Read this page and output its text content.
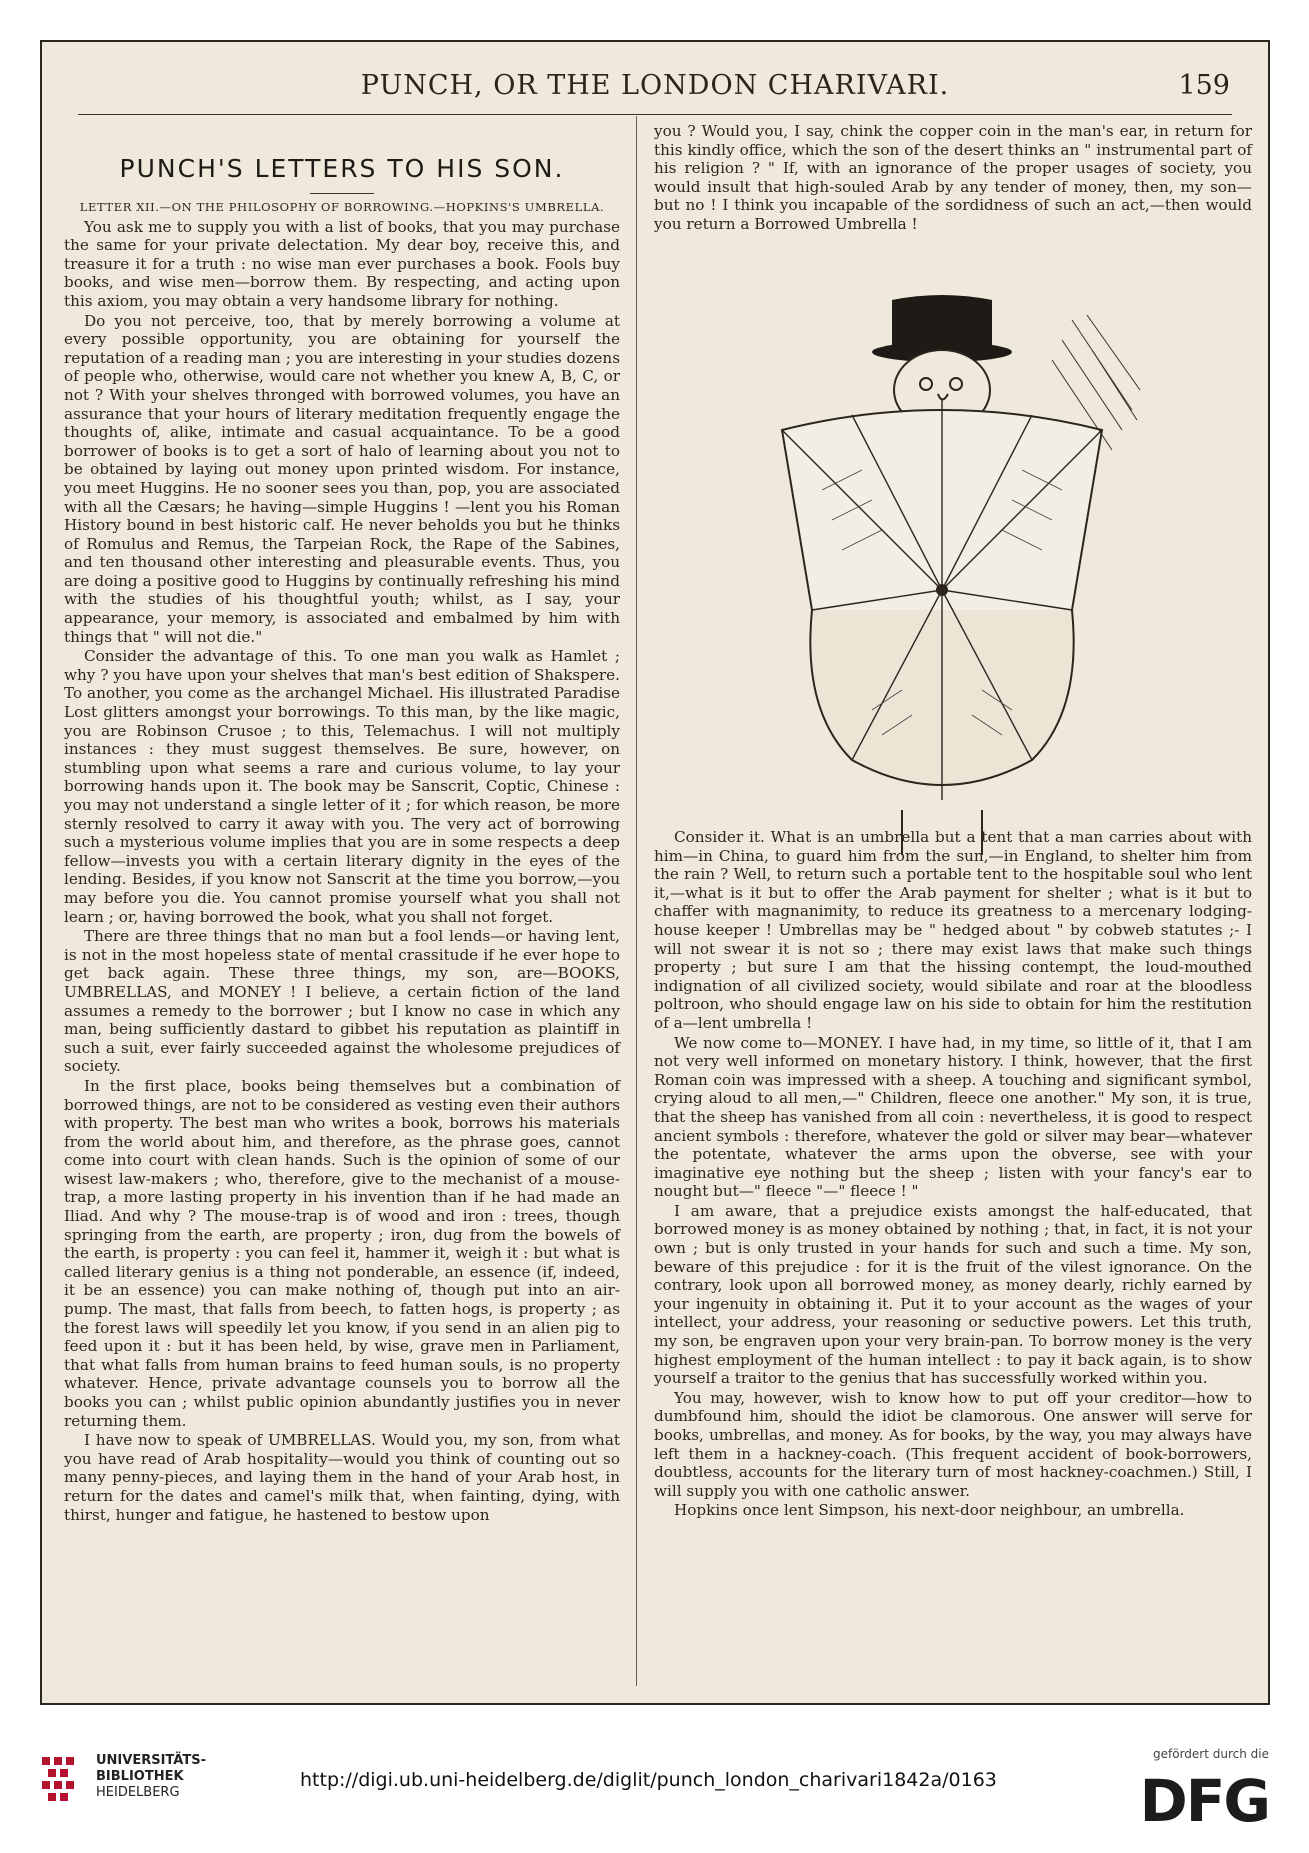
PUNCH, OR THE LONDON CHARIVARI.	159
PUNCH'S LETTERS TO HIS SON.
LETTER XII.—ON THE PHILOSOPHY OF BORROWING.—HOPKINS'S UMBRELLA.

You ask me to supply you with a list of books, that you may purchase the same for your private delectation. My dear boy, receive this, and treasure it for a truth : no wise man ever purchases a book. Fools buy books, and wise men—borrow them. By respecting, and acting upon this axiom, you may obtain a very handsome library for nothing.

Do you not perceive, too, that by merely borrowing a volume at every possible opportunity, you are obtaining for yourself the reputation of a reading man ; you are interesting in your studies dozens of people who, otherwise, would care not whether you knew A, B, C, or not ? With your shelves thronged with borrowed volumes, you have an assurance that your hours of literary meditation frequently engage the thoughts of, alike, intimate and casual acquaintance. To be a good borrower of books is to get a sort of halo of learning about you not to be obtained by laying out money upon printed wisdom. For instance, you meet Huggins. He no sooner sees you than, pop, you are associated with all the Cæsars; he having—simple Huggins ! —lent you his Roman History bound in best historic calf. He never beholds you but he thinks of Romulus and Remus, the Tarpeian Rock, the Rape of the Sabines, and ten thousand other interesting and pleasurable events. Thus, you are doing a positive good to Huggins by continually refreshing his mind with the studies of his thoughtful youth; whilst, as I say, your appearance, your memory, is associated and embalmed by him with things that " will not die."

Consider the advantage of this. To one man you walk as Hamlet ; why ? you have upon your shelves that man's best edition of Shakspere. To another, you come as the archangel Michael. His illustrated Paradise Lost glitters amongst your borrowings. To this man, by the like magic, you are Robinson Crusoe ; to this, Telemachus. I will not multiply instances : they must suggest themselves. Be sure, however, on stumbling upon what seems a rare and curious volume, to lay your borrowing hands upon it. The book may be Sanscrit, Coptic, Chinese : you may not understand a single letter of it ; for which reason, be more sternly resolved to carry it away with you. The very act of borrowing such a mysterious volume implies that you are in some respects a deep fellow—invests you with a certain literary dignity in the eyes of the lending. Besides, if you know not Sanscrit at the time you borrow,—you may before you die. You cannot promise yourself what you shall not learn ; or, having borrowed the book, what you shall not forget.

There are three things that no man but a fool lends—or having lent, is not in the most hopeless state of mental crassitude if he ever hope to get back again. These three things, my son, are—BOOKS, UMBRELLAS, and MONEY ! I believe, a certain fiction of the land assumes a remedy to the borrower ; but I know no case in which any man, being sufficiently dastard to gibbet his reputation as plaintiff in such a suit, ever fairly succeeded against the wholesome prejudices of society.

In the first place, books being themselves but a combination of borrowed things, are not to be considered as vesting even their authors with property. The best man who writes a book, borrows his materials from the world about him, and therefore, as the phrase goes, cannot come into court with clean hands. Such is the opinion of some of our wisest law-makers ; who, therefore, give to the mechanist of a mouse-trap, a more lasting property in his invention than if he had made an Iliad. And why ? The mouse-trap is of wood and iron : trees, though springing from the earth, are property ; iron, dug from the bowels of the earth, is property : you can feel it, hammer it, weigh it : but what is called literary genius is a thing not ponderable, an essence (if, indeed, it be an essence) you can make nothing of, though put into an air-pump. The mast, that falls from beech, to fatten hogs, is property ; as the forest laws will speedily let you know, if you send in an alien pig to feed upon it : but it has been held, by wise, grave men in Parliament, that what falls from human brains to feed human souls, is no property whatever. Hence, private advantage counsels you to borrow all the books you can ; whilst public opinion abundantly justifies you in never returning them.

I have now to speak of UMBRELLAS. Would you, my son, from what you have read of Arab hospitality—would you think of counting out so many penny-pieces, and laying them in the hand of your Arab host, in return for the dates and camel's milk that, when fainting, dying, with thirst, hunger and fatigue, he hastened to bestow upon

you ? Would you, I say, chink the copper coin in the man's ear, in return for this kindly office, which the son of the desert thinks an " instrumental part of his religion ? " If, with an ignorance of the proper usages of society, you would insult that high-souled Arab by any tender of money, then, my son—but no ! I think you incapable of the sordidness of such an act,—then would you return a Borrowed Umbrella !

Consider it. What is an umbrella but a tent that a man carries about with him—in China, to guard him from the sun,—in England, to shelter him from the rain ? Well, to return such a portable tent to the hospitable soul who lent it,—what is it but to offer the Arab payment for shelter ; what is it but to chaffer with magnanimity, to reduce its greatness to a mercenary lodging-house keeper ! Umbrellas may be " hedged about " by cobweb statutes ;- I will not swear it is not so ; there may exist laws that make such things property ; but sure I am that the hissing contempt, the loud-mouthed indignation of all civilized society, would sibilate and roar at the bloodless poltroon, who should engage law on his side to obtain for him the restitution of a—lent umbrella !

We now come to—MONEY. I have had, in my time, so little of it, that I am not very well informed on monetary history. I think, however, that the first Roman coin was impressed with a sheep. A touching and significant symbol, crying aloud to all men,—" Children, fleece one another." My son, it is true, that the sheep has vanished from all coin : nevertheless, it is good to respect ancient symbols : therefore, whatever the gold or silver may bear—whatever the potentate, whatever the arms upon the obverse, see with your imaginative eye nothing but the sheep ; listen with your fancy's ear to nought but—" fleece "—" fleece ! "

I am aware, that a prejudice exists amongst the half-educated, that borrowed money is as money obtained by nothing ; that, in fact, it is not your own ; but is only trusted in your hands for such and such a time. My son, beware of this prejudice : for it is the fruit of the vilest ignorance. On the contrary, look upon all borrowed money, as money dearly, richly earned by your ingenuity in obtaining it. Put it to your account as the wages of your intellect, your address, your reasoning or seductive powers. Let this truth, my son, be engraven upon your very brain-pan. To borrow money is the very highest employment of the human intellect : to pay it back again, is to show yourself a traitor to the genius that has successfully worked within you.

You may, however, wish to know how to put off your creditor—how to dumbfound him, should the idiot be clamorous. One answer will serve for books, umbrellas, and money. As for books, by the way, you may always have left them in a hackney-coach. (This frequent accident of book-borrowers, doubtless, accounts for the literary turn of most hackney-coachmen.) Still, I will supply you with one catholic answer.

Hopkins once lent Simpson, his next-door neighbour, an umbrella.

UNIVERSITÄTS-
BIBLIOTHEK
HEIDELBERG
http://digi.ub.uni-heidelberg.de/diglit/punch_london_charivari1842a/0163
gefördert durch die
DFG
